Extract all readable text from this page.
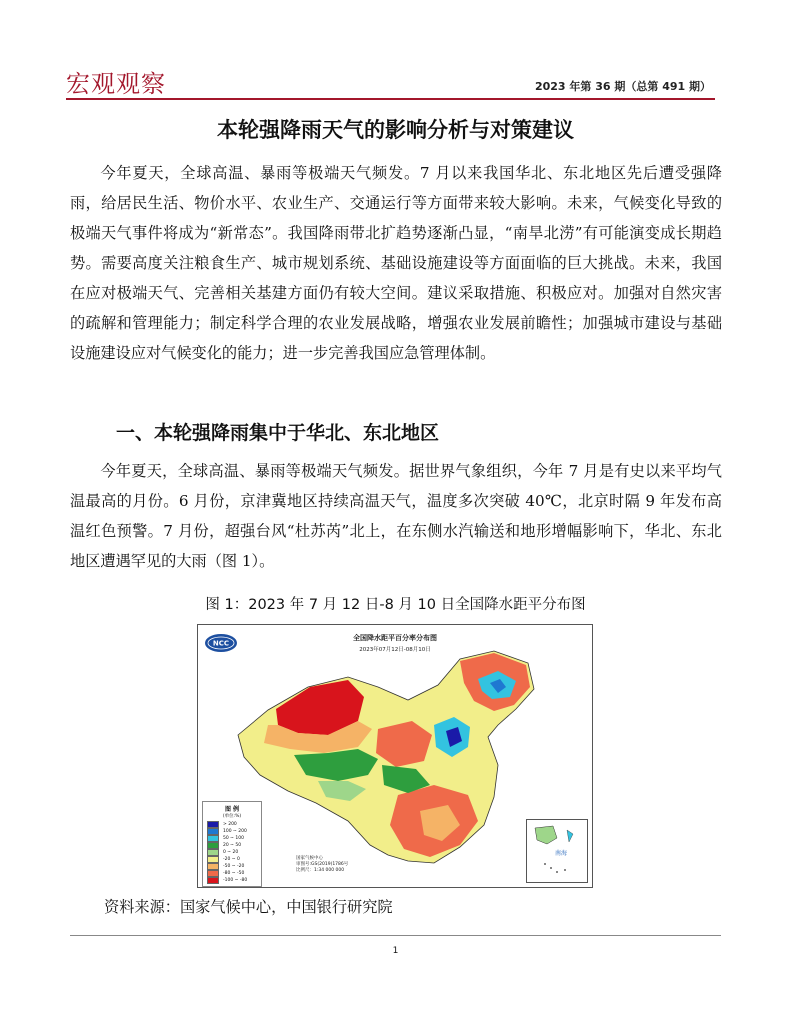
宏观观察	2023 年第 36 期（总第 491 期）
本轮强降雨天气的影响分析与对策建议

今年夏天，全球高温、暴雨等极端天气频发。7 月以来我国华北、东北地区先后遭受强降雨，给居民生活、物价水平、农业生产、交通运行等方面带来较大影响。未来，气候变化导致的极端天气事件将成为“新常态”。我国降雨带北扩趋势逐渐凸显，“南旱北涝”有可能演变成长期趋势。需要高度关注粮食生产、城市规划系统、基础设施建设等方面面临的巨大挑战。未来，我国在应对极端天气、完善相关基建方面仍有较大空间。建议采取措施、积极应对。加强对自然灾害的疏解和管理能力；制定科学合理的农业发展战略，增强农业发展前瞻性；加强城市建设与基础设施建设应对气候变化的能力；进一步完善我国应急管理体制。

一、本轮强降雨集中于华北、东北地区

今年夏天，全球高温、暴雨等极端天气频发。据世界气象组织，今年 7 月是有史以来平均气温最高的月份。6 月份，京津冀地区持续高温天气，温度多次突破 40℃，北京时隔 9 年发布高温红色预警。7 月份，超强台风“杜苏芮”北上，在东侧水汽输送和地形增幅影响下，华北、东北地区遭遇罕见的大雨（图 1）。

图 1：2023 年 7 月 12 日-8 月 10 日全国降水距平分布图
NCC
全国降水距平百分率分布图
2023年07月12日-08月10日
图 例
(单位:%)
> 200
100 ~ 200
50 ~ 100
20 ~ 50
0 ~ 20
-20 ~ 0
-50 ~ -20
-80 ~ -50
-100 ~ -80
国家气候中心
审图号:GS(2019)1786号
比例尺：1:34 000 000
南海
资料来源：国家气候中心，中国银行研究院
1
